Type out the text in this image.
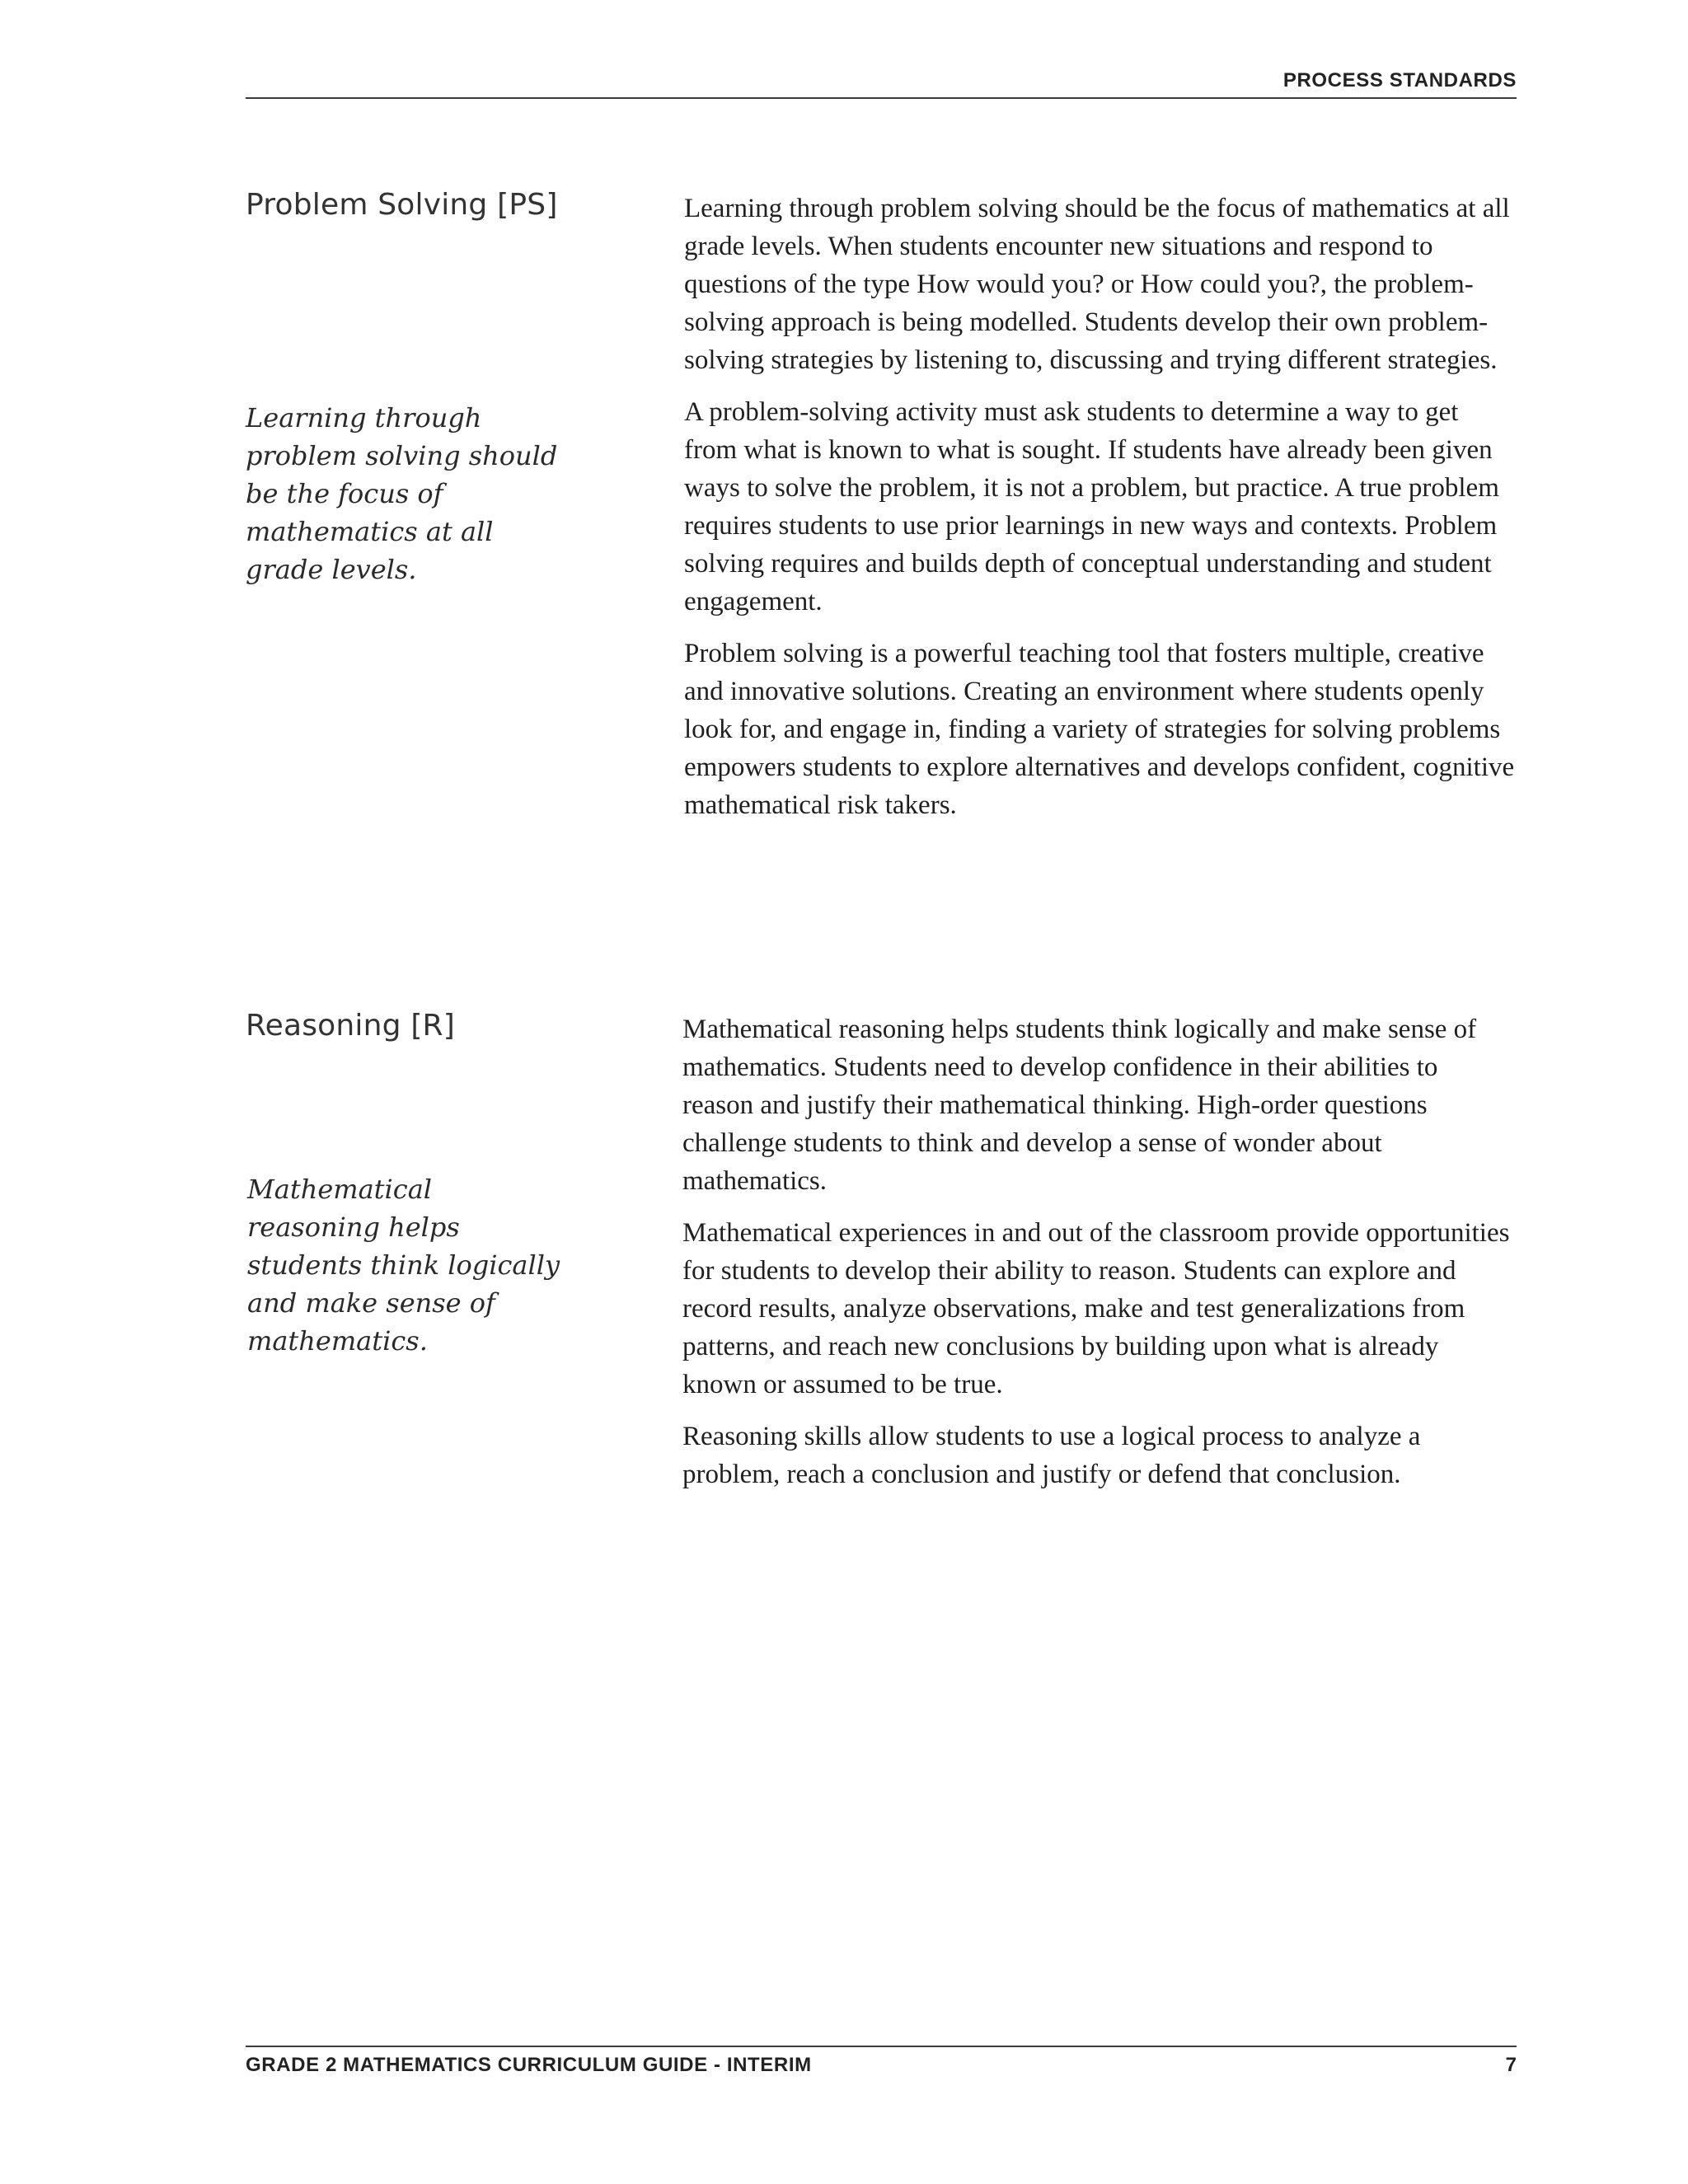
PROCESS STANDARDS
Problem Solving [PS]

Learning through problem solving should be the focus of mathematics at all grade levels.

Learning through problem solving should be the focus of mathematics at all grade levels. When students encounter new situations and respond to questions of the type How would you? or How could you?, the problem-solving approach is being modelled. Students develop their own problem-solving strategies by listening to, discussing and trying different strategies.

A problem-solving activity must ask students to determine a way to get from what is known to what is sought. If students have already been given ways to solve the problem, it is not a problem, but practice. A true problem requires students to use prior learnings in new ways and contexts. Problem solving requires and builds depth of conceptual understanding and student engagement.

Problem solving is a powerful teaching tool that fosters multiple, creative and innovative solutions. Creating an environment where students openly look for, and engage in, finding a variety of strategies for solving problems empowers students to explore alternatives and develops confident, cognitive mathematical risk takers.

Reasoning [R]

Mathematical reasoning helps students think logically and make sense of mathematics.

Mathematical reasoning helps students think logically and make sense of mathematics. Students need to develop confidence in their abilities to reason and justify their mathematical thinking. High-order questions challenge students to think and develop a sense of wonder about mathematics.

Mathematical experiences in and out of the classroom provide opportunities for students to develop their ability to reason. Students can explore and record results, analyze observations, make and test generalizations from patterns, and reach new conclusions by building upon what is already known or assumed to be true.

Reasoning skills allow students to use a logical process to analyze a problem, reach a conclusion and justify or defend that conclusion.

GRADE 2 MATHEMATICS CURRICULUM GUIDE - INTERIM	7
